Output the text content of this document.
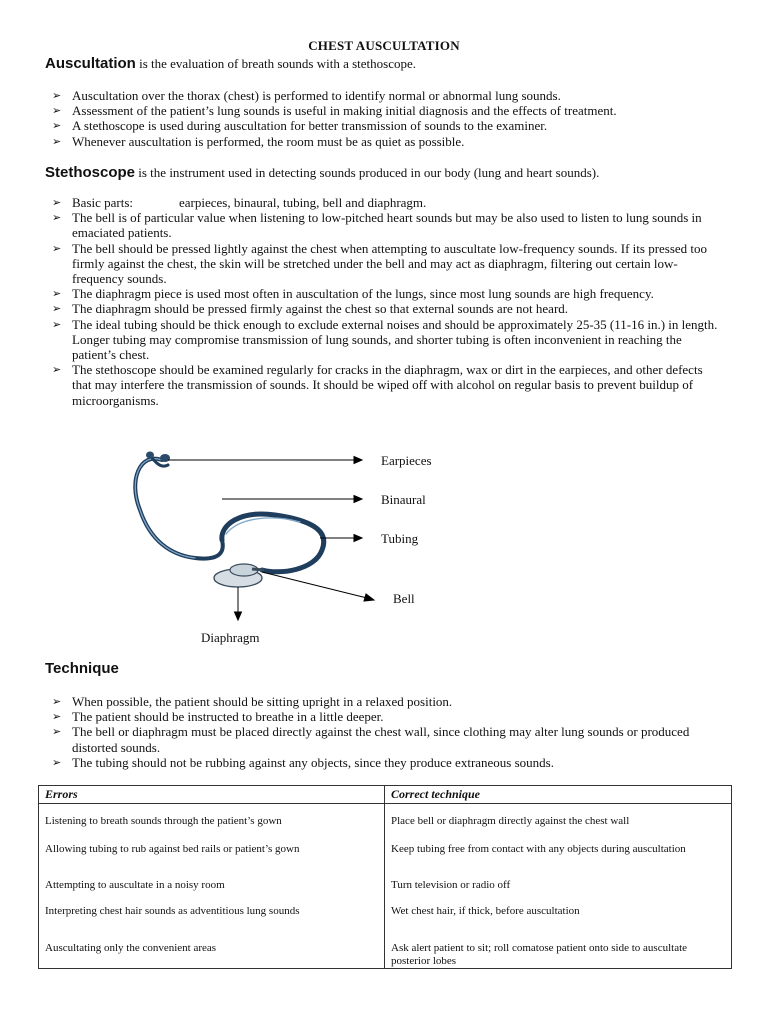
CHEST AUSCULTATION
Auscultation is the evaluation of breath sounds with a stethoscope.
➢ Auscultation over the thorax (chest) is performed to identify normal or abnormal lung sounds.
➢ Assessment of the patient’s lung sounds is useful in making initial diagnosis and the effects of treatment.
➢ A stethoscope is used during auscultation for better transmission of sounds to the examiner.
➢ Whenever auscultation is performed, the room must be as quiet as possible.
Stethoscope is the instrument used in detecting sounds produced in our body (lung and heart sounds).
➢ Basic parts:	earpieces, binaural, tubing, bell and diaphragm.
➢ The bell is of particular value when listening to low-pitched heart sounds but may be also used to listen to lung sounds in emaciated patients.
➢ The bell should be pressed lightly against the chest when attempting to auscultate low-frequency sounds. If its pressed too firmly against the chest, the skin will be stretched under the bell and may act as diaphragm, filtering out certain low-frequency sounds.
➢ The diaphragm piece is used most often in auscultation of the lungs, since most lung sounds are high frequency.
➢ The diaphragm should be pressed firmly against the chest so that external sounds are not heard.
➢ The ideal tubing should be thick enough to exclude external noises and should be approximately 25-35 (11-16 in.) in length. Longer tubing may compromise transmission of lung sounds, and shorter tubing is often inconvenient in reaching the patient’s chest.
➢ The stethoscope should be examined regularly for cracks in the diaphragm, wax or dirt in the earpieces, and other defects that may interfere the transmission of sounds. It should be wiped off with alcohol on regular basis to prevent buildup of microorganisms.
Earpieces
Binaural
Tubing
Bell
Diaphragm
Technique
➢ When possible, the patient should be sitting upright in a relaxed position.
➢ The patient should be instructed to breathe in a little deeper.
➢ The bell or diaphragm must be placed directly against the chest wall, since clothing may alter lung sounds or produced distorted sounds.
➢ The tubing should not be rubbing against any objects, since they produce extraneous sounds.
Errors	Correct technique
Listening to breath sounds through the patient’s gown	Place bell or diaphragm directly against the chest wall
Allowing tubing to rub against bed rails or patient’s gown	Keep tubing free from contact with any objects during auscultation
Attempting to auscultate in a noisy room	Turn television or radio off
Interpreting chest hair sounds as adventitious lung sounds	Wet chest hair, if thick, before auscultation
Auscultating only the convenient areas	Ask alert patient to sit; roll comatose patient onto side to auscultate posterior lobes
